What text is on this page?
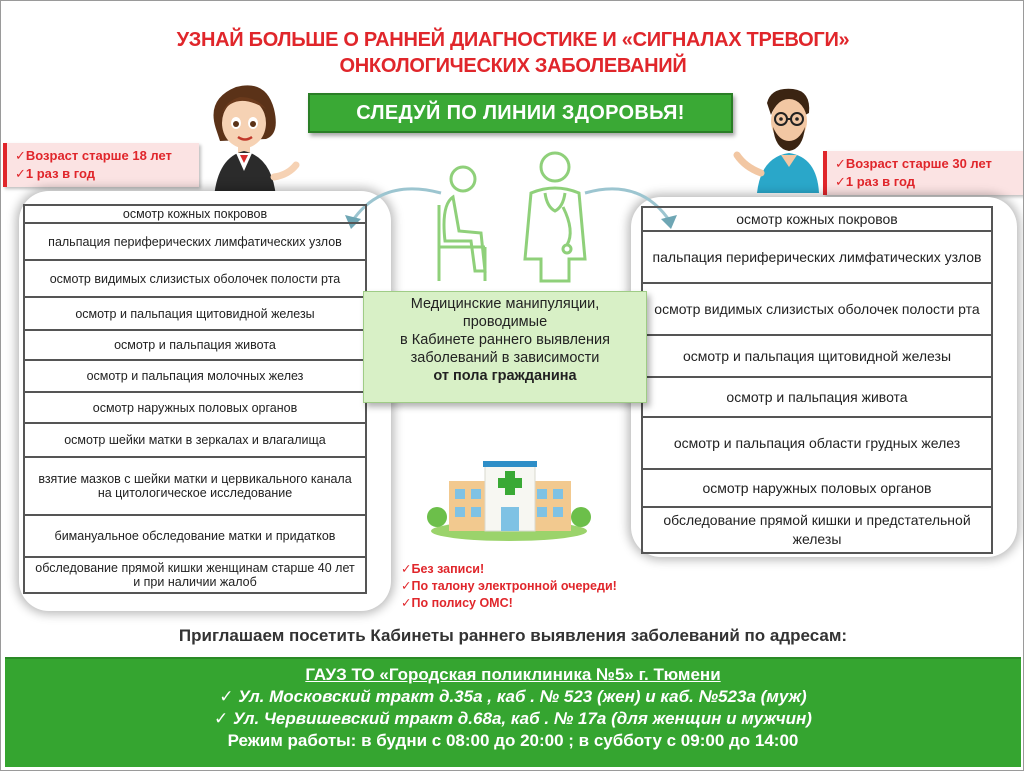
УЗНАЙ БОЛЬШЕ О РАННЕЙ ДИАГНОСТИКЕ И «СИГНАЛАХ ТРЕВОГИ»
ОНКОЛОГИЧЕСКИХ ЗАБОЛЕВАНИЙ
СЛЕДУЙ ПО ЛИНИИ ЗДОРОВЬЯ!
✓Возраст старше 18 лет
✓1 раз в год
✓Возраст старше 30 лет
✓1 раз в год
осмотр кожных покровов
пальпация периферических лимфатических узлов
осмотр видимых слизистых оболочек полости рта
осмотр и пальпация щитовидной железы
осмотр и пальпация живота
осмотр и пальпация молочных желез
осмотр наружных половых органов
осмотр шейки матки в зеркалах и влагалища
взятие мазков с шейки матки и цервикального канала на цитологическое исследование
бимануальное обследование матки и придатков
обследование прямой кишки женщинам старше 40 лет и при наличии жалоб
осмотр кожных покровов
пальпация периферических лимфатических узлов
осмотр видимых слизистых оболочек полости рта
осмотр и пальпация щитовидной железы
осмотр и пальпация живота
осмотр и пальпация области грудных желез
осмотр наружных половых органов
обследование прямой кишки и предстательной железы
Медицинские манипуляции,
проводимые
в Кабинете раннего выявления
заболеваний в зависимости
от пола гражданина
✓Без записи!
✓По талону электронной очереди!
✓По полису ОМС!
Приглашаем посетить Кабинеты раннего выявления заболеваний по адресам:
ГАУЗ ТО «Городская поликлиника №5» г. Тюмени
✓ Ул. Московский тракт д.35а , каб . № 523 (жен) и каб. №523а (муж)
✓ Ул. Червишевский тракт д.68а, каб . № 17а (для женщин и мужчин)
Режим работы: в будни с 08:00 до 20:00 ; в субботу с 09:00 до 14:00
